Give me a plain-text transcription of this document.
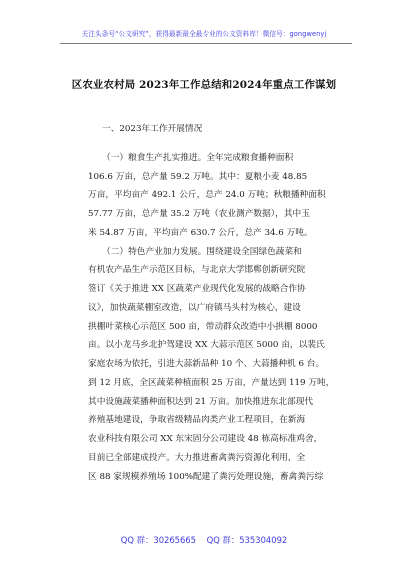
关注头条号“公文研究”，获得最新最全最专业的公文资料库！微信号：gongwenyj
区农业农村局 2023年工作总结和2024年重点工作谋划
一、2023年工作开展情况
（一）粮食生产扎实推进。全年完成粮食播种面积
106.6 万亩，总产量 59.2 万吨。其中：夏粮小麦 48.85
万亩，平均亩产 492.1 公斤，总产 24.0 万吨；秋粮播种面积
57.77 万亩，总产量 35.2 万吨（农业测产数据），其中玉
米 54.87 万亩，平均亩产 630.7 公斤，总产 34.6 万吨。
（二）特色产业加力发展。围绕建设全国绿色蔬菜和
有机农产品生产示范区目标，与北京大学邯郸创新研究院
签订《关于推进 XX 区蔬菜产业现代化发展的战略合作协
议》，加快蔬菜棚室改造，以广府镇马头村为核心，建设
拱棚叶菜核心示范区 500 亩，带动群众改造中小拱棚 8000
亩。以小龙马乡北护驾建设 XX 大蒜示范区 5000 亩，以裴氏
家庭农场为依托，引进大蒜新品种 10 个、大蒜播种机 6 台。
到 12 月底，全区蔬菜种植面积 25 万亩，产量达到 119 万吨，
其中设施蔬菜播种面积达到 21 万亩。加快推进东北部现代
养殖基地建设，争取省级精品肉类产业工程项目，在新海
农业科技有限公司 XX 东宋固分公司建设 48 栋高标准鸡舍，
目前已全部建成投产。大力推进畜禽粪污资源化利用，全
区 88 家规模养殖场 100%配建了粪污处理设施，畜禽粪污综
QQ 群：30265665 QQ 群：535304092
